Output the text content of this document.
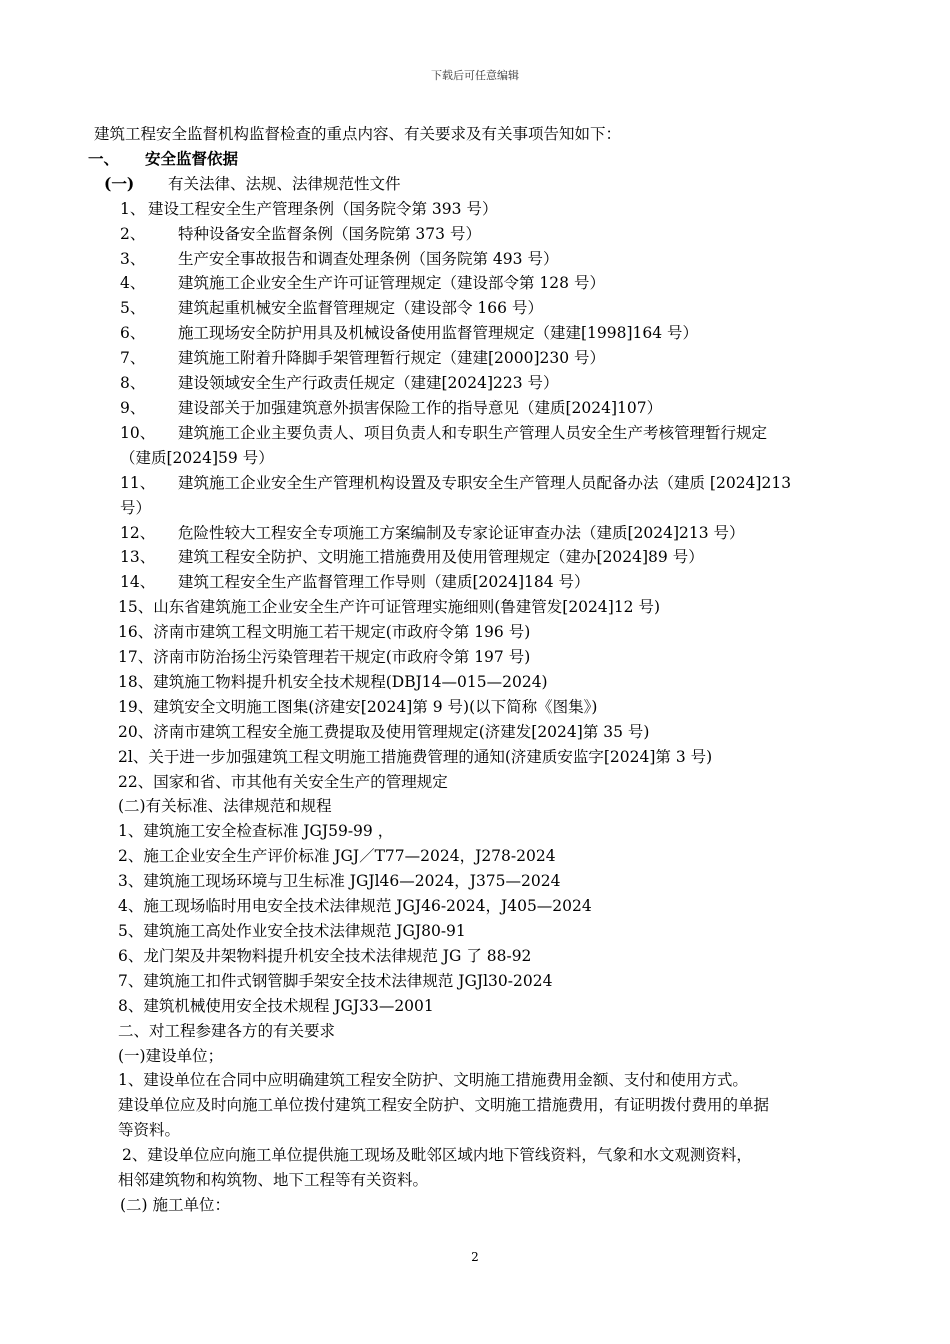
下载后可任意编辑
建筑工程安全监督机构监督检查的重点内容、有关要求及有关事项告知如下：
一、 安全监督依据
(一) 有关法律、法规、法律规范性文件
1、 建设工程安全生产管理条例（国务院令第 393 号）
2、 特种设备安全监督条例（国务院第 373 号）
3、 生产安全事故报告和调查处理条例（国务院第 493 号）
4、 建筑施工企业安全生产许可证管理规定（建设部令第 128 号）
5、 建筑起重机械安全监督管理规定（建设部令 166 号）
6、 施工现场安全防护用具及机械设备使用监督管理规定（建建[1998]164 号）
7、 建筑施工附着升降脚手架管理暂行规定（建建[2000]230 号）
8、 建设领域安全生产行政责任规定（建建[2024]223 号）
9、 建设部关于加强建筑意外损害保险工作的指导意见（建质[2024]107）
10、 建筑施工企业主要负责人、项目负责人和专职生产管理人员安全生产考核管理暂行规定
（建质[2024]59 号）
11、 建筑施工企业安全生产管理机构设置及专职安全生产管理人员配备办法（建质 [2024]213
号）
12、 危险性较大工程安全专项施工方案编制及专家论证审查办法（建质[2024]213 号）
13、 建筑工程安全防护、文明施工措施费用及使用管理规定（建办[2024]89 号）
14、 建筑工程安全生产监督管理工作导则（建质[2024]184 号）
15、山东省建筑施工企业安全生产许可证管理实施细则(鲁建管发[2024]12 号)
16、济南市建筑工程文明施工若干规定(市政府令第 196 号)
17、济南市防治扬尘污染管理若干规定(市政府令第 197 号)
18、建筑施工物料提升机安全技术规程(DBJ14—015—2024)
19、建筑安全文明施工图集(济建安[2024]第 9 号)(以下简称《图集》)
20、济南市建筑工程安全施工费提取及使用管理规定(济建发[2024]第 35 号)
2l、关于进一步加强建筑工程文明施工措施费管理的通知(济建质安监字[2024]第 3 号)
22、国家和省、市其他有关安全生产的管理规定
(二)有关标准、法律规范和规程
1、建筑施工安全检查标准 JGJ59-99 ，
2、施工企业安全生产评价标准 JGJ／T77—2024，J278-2024
3、建筑施工现场环境与卫生标准 JGJl46—2024，J375—2024
4、施工现场临时用电安全技术法律规范 JGJ46-2024，J405—2024
5、建筑施工高处作业安全技术法律规范 JGJ80-91
6、龙门架及井架物料提升机安全技术法律规范 JG 了 88-92
7、建筑施工扣件式钢管脚手架安全技术法律规范 JGJl30-2024
8、建筑机械使用安全技术规程 JGJ33—2001
二、对工程参建各方的有关要求
(一)建设单位；
1、建设单位在合同中应明确建筑工程安全防护、文明施工措施费用金额、支付和使用方式。
建设单位应及时向施工单位拨付建筑工程安全防护、文明施工措施费用，有证明拨付费用的单据
等资料。
2、建设单位应向施工单位提供施工现场及毗邻区域内地下管线资料，气象和水文观测资料，
相邻建筑物和构筑物、地下工程等有关资料。
(二) 施工单位：
2
